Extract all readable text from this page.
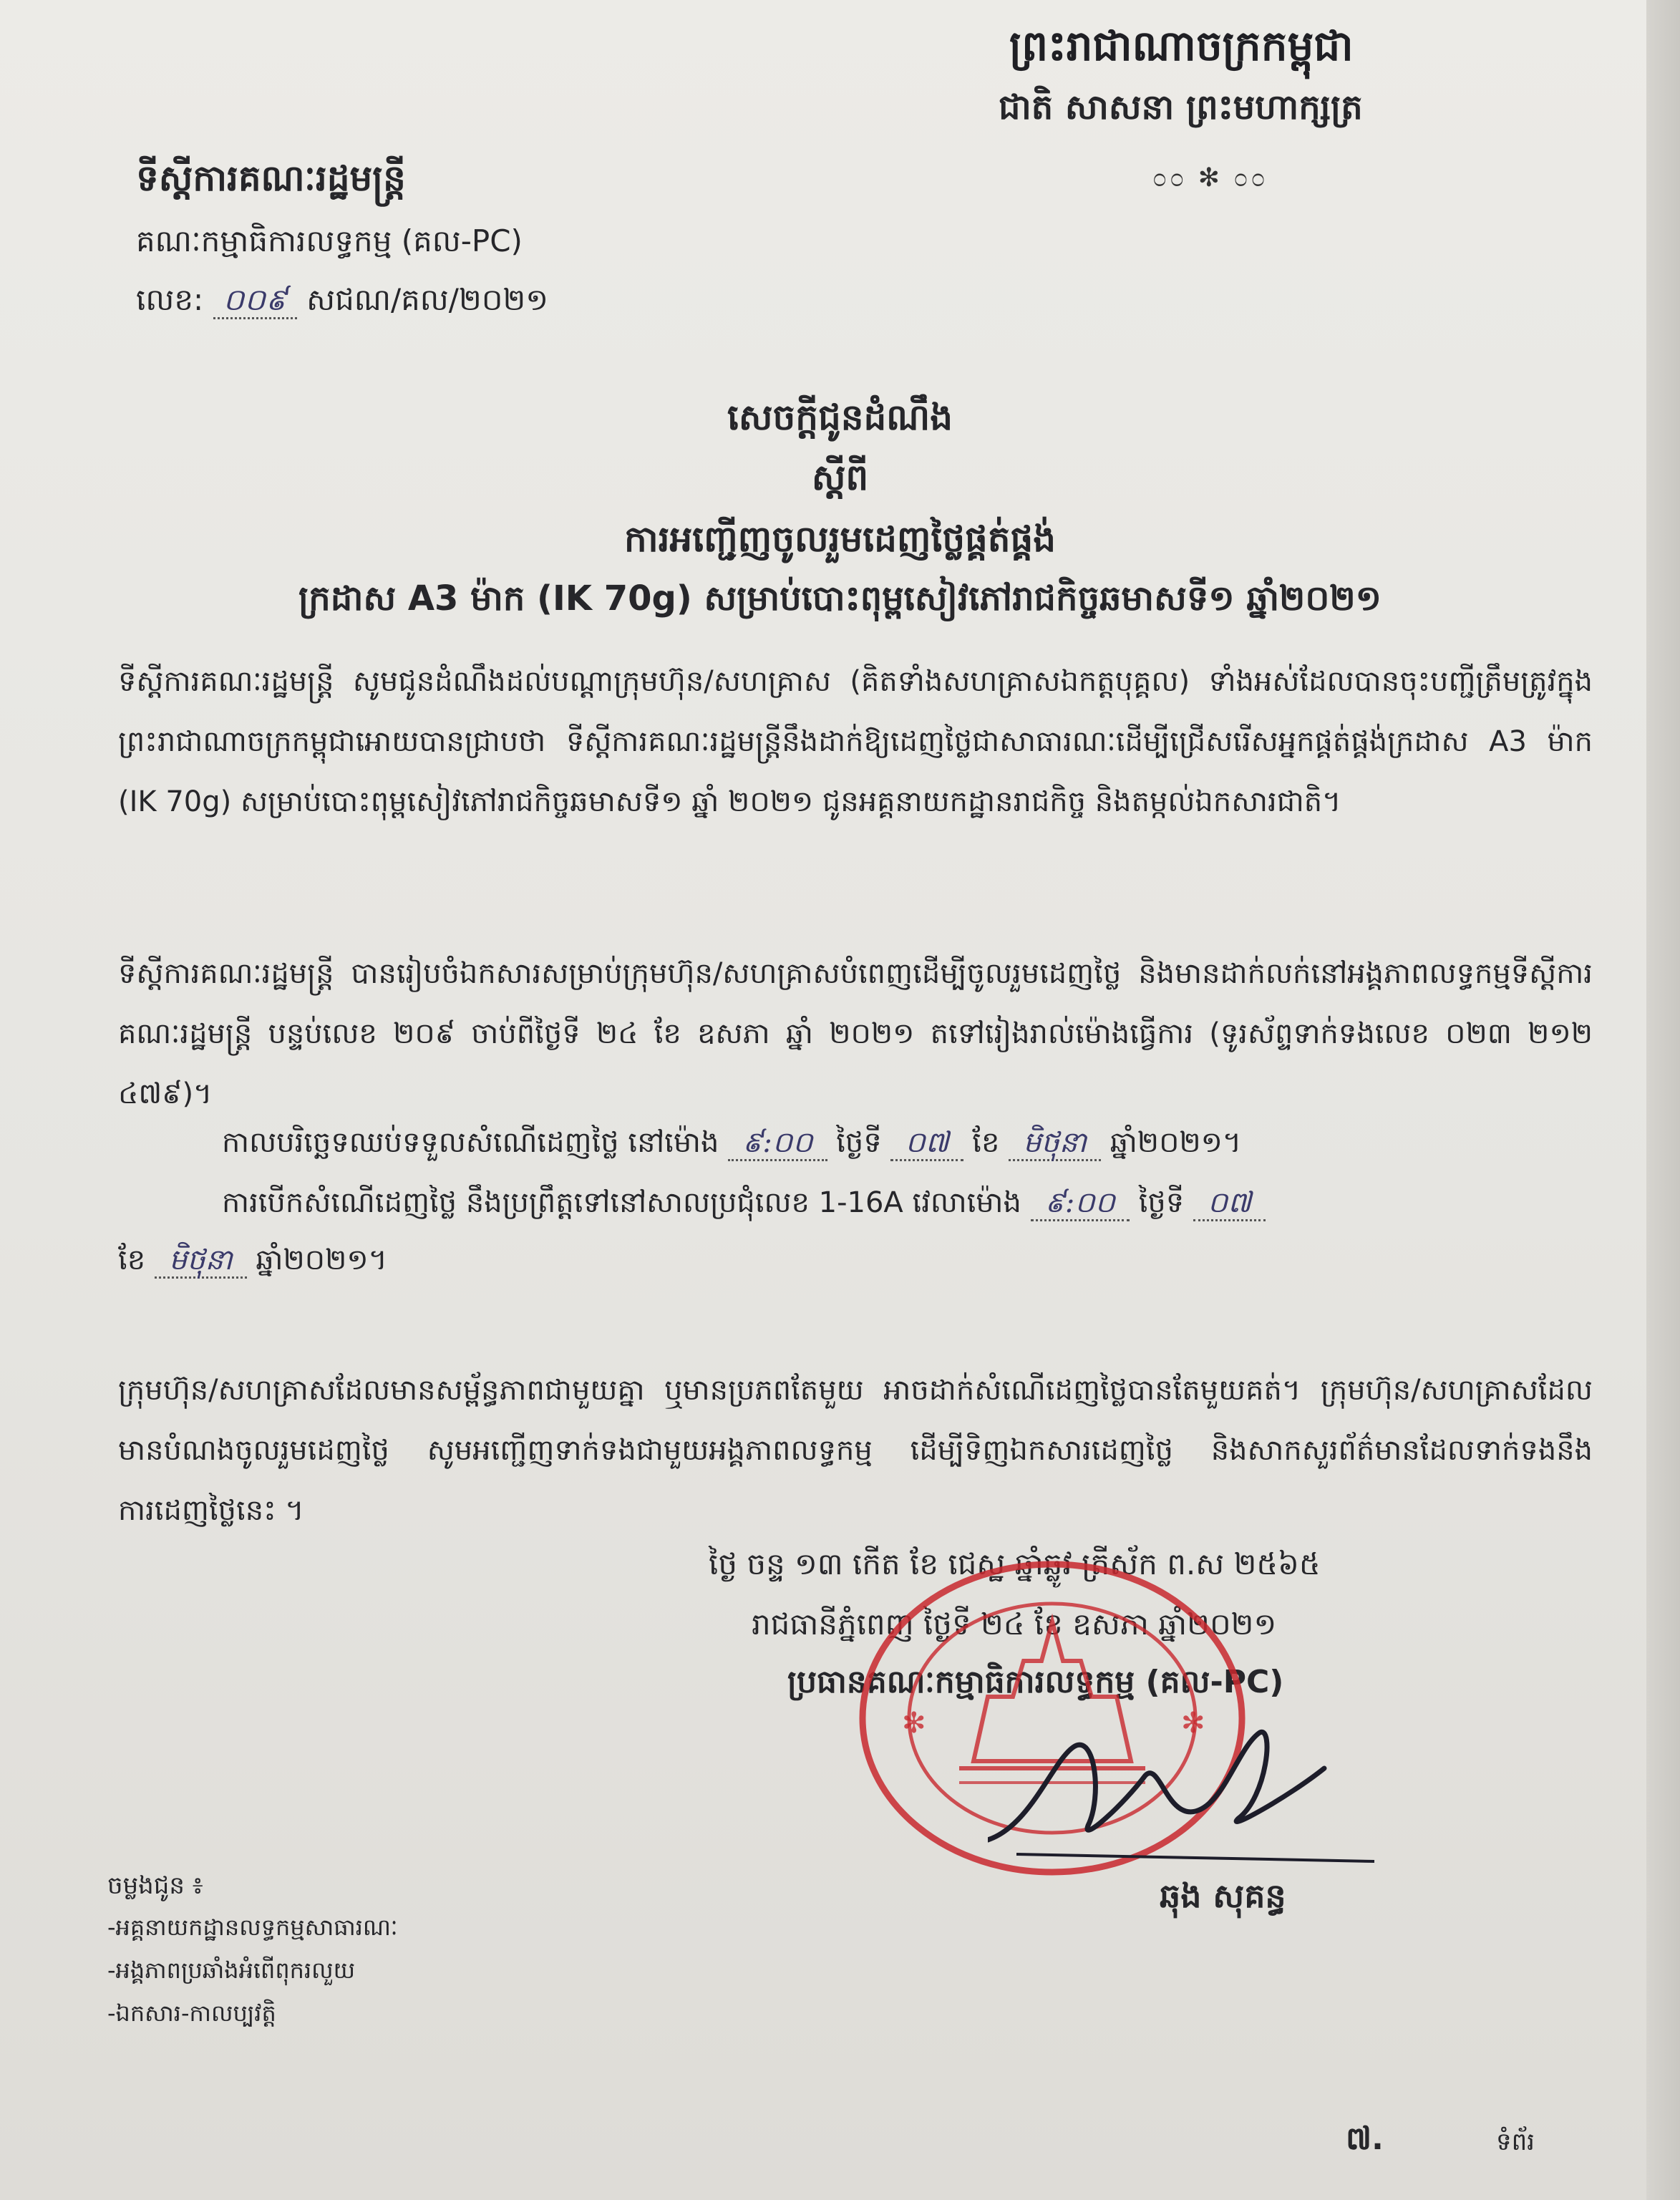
ព្រះរាជាណាចក្រកម្ពុជា
ជាតិ សាសនា ព្រះមហាក្សត្រ
೦೦ ✻ ೦೦
ទីស្តីការគណៈរដ្ឋមន្ត្រី
គណៈកម្មាធិការលទ្ធកម្ម (គល-PC)
លេខ: ០០៩ សជណ/គល/២០២១
សេចក្តីជូនដំណឹង
ស្តីពី
ការអញ្ជើញចូលរួមដេញថ្លៃផ្គត់ផ្គង់
ក្រដាស A3 ម៉ាក (IK 70g) សម្រាប់បោះពុម្ពសៀវភៅរាជកិច្ចឆមាសទី១ ឆ្នាំ២០២១
ទីស្តីការគណៈរដ្ឋមន្ត្រី សូមជូនដំណឹងដល់បណ្តាក្រុមហ៊ុន/សហគ្រាស (គិតទាំងសហគ្រាសឯកត្តបុគ្គល) ទាំងអស់ដែលបានចុះបញ្ជីត្រឹមត្រូវក្នុងព្រះរាជាណាចក្រកម្ពុជាអោយបានជ្រាបថា ទីស្តីការគណៈរដ្ឋមន្ត្រីនឹងដាក់ឱ្យដេញថ្លៃជាសាធារណៈដើម្បីជ្រើសរើសអ្នកផ្គត់ផ្គង់ក្រដាស A3 ម៉ាក (IK 70g) សម្រាប់បោះពុម្ពសៀវភៅរាជកិច្ចឆមាសទី១ ឆ្នាំ ២០២១ ជូនអគ្គនាយកដ្ឋានរាជកិច្ច និងតម្កល់ឯកសារជាតិ។
ទីស្តីការគណៈរដ្ឋមន្ត្រី បានរៀបចំឯកសារសម្រាប់ក្រុមហ៊ុន/សហគ្រាសបំពេញដើម្បីចូលរួមដេញថ្លៃ និងមានដាក់លក់នៅអង្គភាពលទ្ធកម្មទីស្តីការគណៈរដ្ឋមន្ត្រី បន្ទប់លេខ ២០៩ ចាប់ពីថ្ងៃទី ២៤ ខែ ឧសភា ឆ្នាំ ២០២១ តទៅរៀងរាល់ម៉ោងធ្វើការ (ទូរស័ព្ទទាក់ទងលេខ ០២៣ ២១២ ៤៧៩)។
កាលបរិច្ឆេទឈប់ទទួលសំណើដេញថ្លៃ នៅម៉ោង ៩:០០ ថ្ងៃទី ០៧ ខែ មិថុនា ឆ្នាំ២០២១។
ការបើកសំណើដេញថ្លៃ នឹងប្រព្រឹត្តទៅនៅសាលប្រជុំលេខ 1-16A វេលាម៉ោង ៩:០០ ថ្ងៃទី ០៧
ខែ មិថុនា ឆ្នាំ២០២១។
ក្រុមហ៊ុន/សហគ្រាសដែលមានសម្ព័ន្ធភាពជាមួយគ្នា ឬមានប្រភពតែមួយ អាចដាក់សំណើដេញថ្លៃបានតែមួយគត់។ ក្រុមហ៊ុន/សហគ្រាសដែលមានបំណងចូលរួមដេញថ្លៃ សូមអញ្ជើញទាក់ទងជាមួយអង្គភាពលទ្ធកម្ម ដើម្បីទិញឯកសារដេញថ្លៃ និងសាកសួរព័ត៌មានដែលទាក់ទងនឹងការដេញថ្លៃនេះ ។
ថ្ងៃ ចន្ទ ១៣ កើត ខែ ជេស្ឋ ឆ្នាំឆ្លូវ ត្រីស័ក ព.ស ២៥៦៥
រាជធានីភ្នំពេញ ថ្ងៃទី ២៤ ខែ ឧសភា ឆ្នាំ២០២១
ប្រធានគណៈកម្មាធិការលទ្ធកម្ម (គល-PC)
✻	✻
ឆុង សុគន្ធ
ចម្លងជូន ៖
-អគ្គនាយកដ្ឋានលទ្ធកម្មសាធារណៈ
-អង្គភាពប្រឆាំងអំពើពុករលួយ
-ឯកសារ-កាលប្បវត្តិ
៧.	ទំព័រ
